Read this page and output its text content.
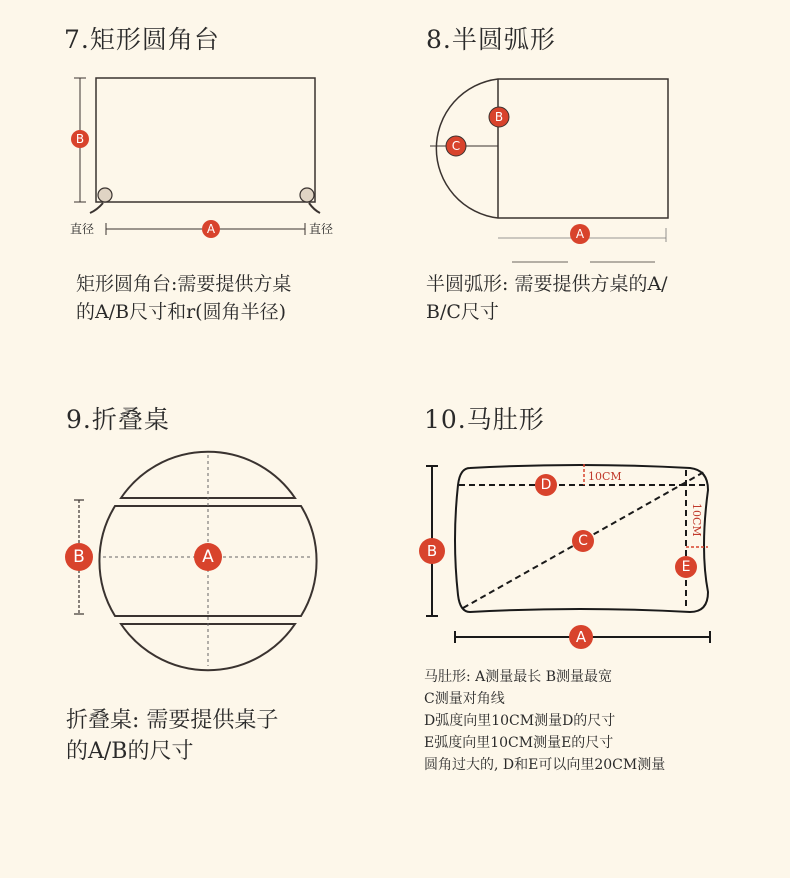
7.矩形圆角台	8.半圆弧形
9.折叠桌	10.马肚形
矩形圆角台:需要提供方桌
的A/B尺寸和r(圆角半径)
半圆弧形: 需要提供方桌的A/
B/C尺寸
折叠桌: 需要提供桌子
的A/B的尺寸
马肚形: A测量最长 B测量最宽
C测量对角线
D弧度向里10CM测量D的尺寸
E弧度向里10CM测量E的尺寸
圆角过大的, D和E可以向里20CM测量
B
A
直径	直径
B
C
A
B	A
10CM
10CM
D
C
E
B
A
